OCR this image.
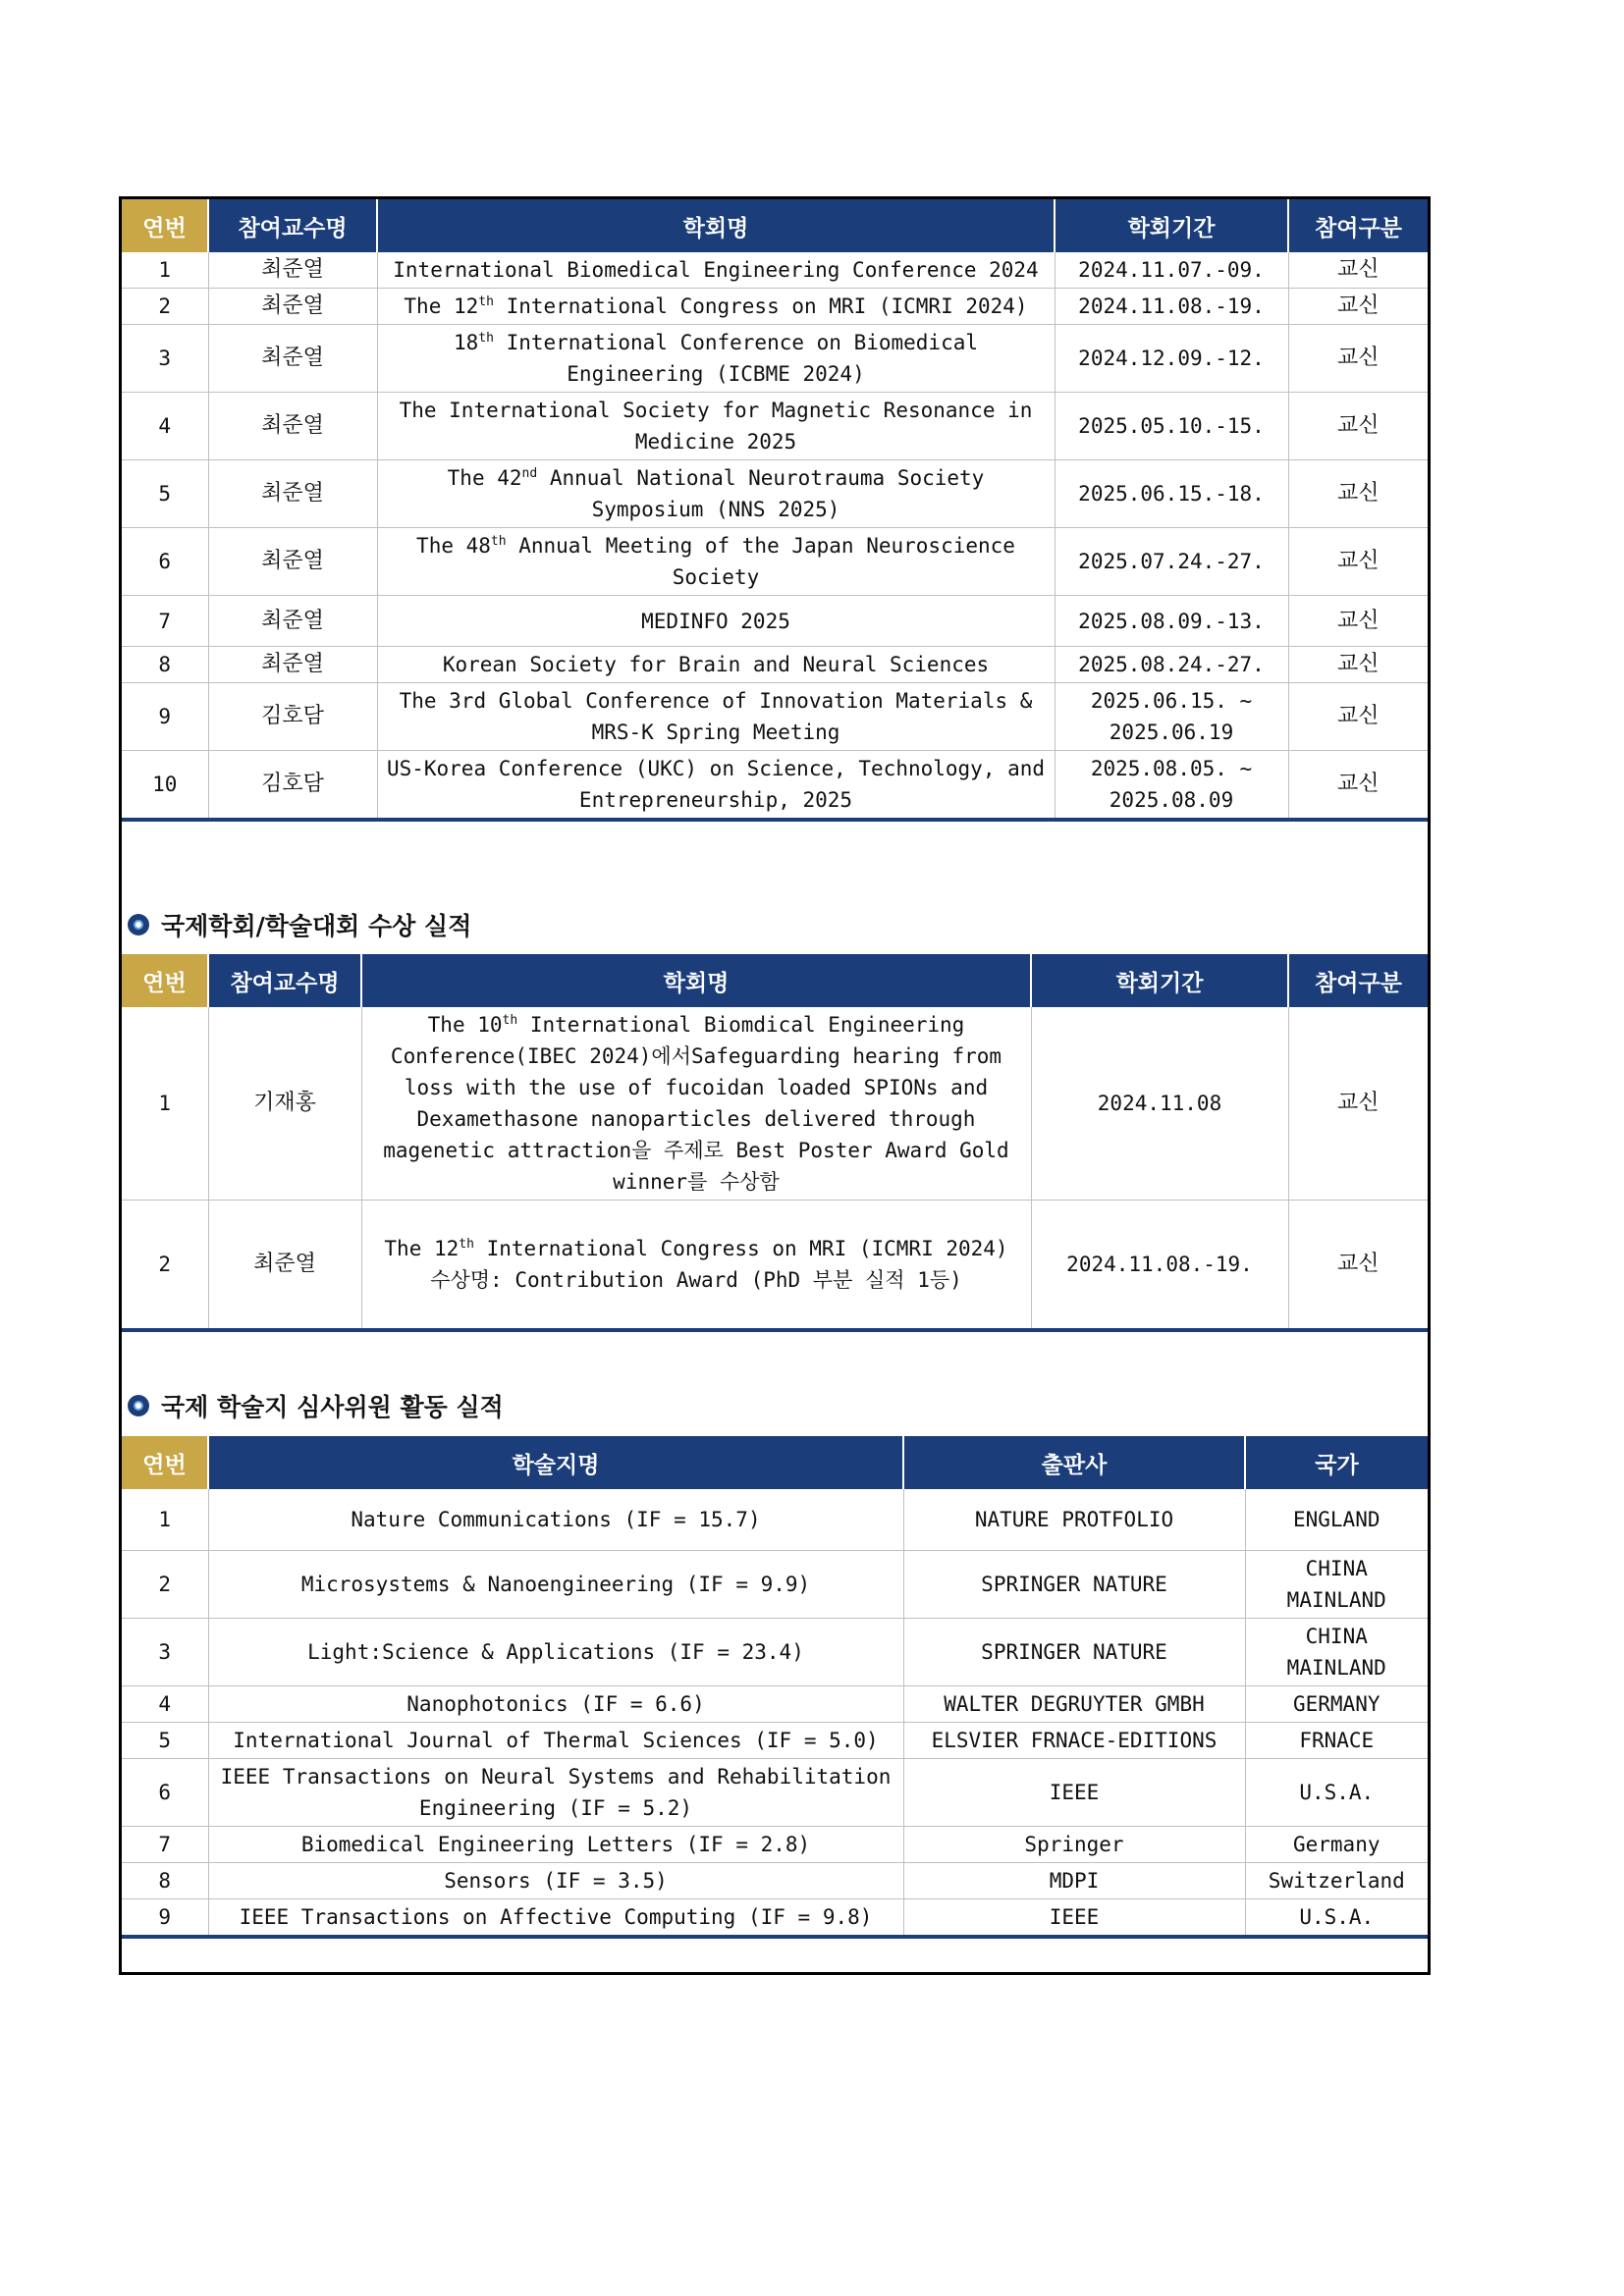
연번	참여교수명	학회명	학회기간	참여구분
1	최준열	International Biomedical Engineering Conference 2024	2024.11.07.-09.	교신
2	최준열	The 12th International Congress on MRI (ICMRI 2024)	2024.11.08.-19.	교신
3	최준열	18th International Conference on Biomedical Engineering (ICBME 2024)	2024.12.09.-12.	교신
4	최준열	The International Society for Magnetic Resonance in Medicine 2025	2025.05.10.-15.	교신
5	최준열	The 42nd Annual National Neurotrauma Society Symposium (NNS 2025)	2025.06.15.-18.	교신
6	최준열	The 48th Annual Meeting of the Japan Neuroscience Society	2025.07.24.-27.	교신
7	최준열	MEDINFO 2025	2025.08.09.-13.	교신
8	최준열	Korean Society for Brain and Neural Sciences	2025.08.24.-27.	교신
9	김호담	The 3rd Global Conference of Innovation Materials & MRS-K Spring Meeting	2025.06.15. ~ 2025.06.19	교신
10	김호담	US-Korea Conference (UKC) on Science, Technology, and Entrepreneurship, 2025	2025.08.05. ~ 2025.08.09	교신
국제학회/학술대회 수상 실적
연번	참여교수명	학회명	학회기간	참여구분
1	기재홍	The 10th International Biomdical Engineering Conference(IBEC 2024)에서Safeguarding hearing from loss with the use of fucoidan loaded SPIONs and Dexamethasone nanoparticles delivered through magenetic attraction을 주제로 Best Poster Award Gold winner를 수상함	2024.11.08	교신
2	최준열	The 12th International Congress on MRI (ICMRI 2024) 수상명: Contribution Award (PhD 부분 실적 1등)	2024.11.08.-19.	교신
국제 학술지 심사위원 활동 실적
연번	학술지명	출판사	국가
1	Nature Communications (IF = 15.7)	NATURE PROTFOLIO	ENGLAND
2	Microsystems & Nanoengineering (IF = 9.9)	SPRINGER NATURE	CHINA MAINLAND
3	Light:Science & Applications (IF = 23.4)	SPRINGER NATURE	CHINA MAINLAND
4	Nanophotonics (IF = 6.6)	WALTER DEGRUYTER GMBH	GERMANY
5	International Journal of Thermal Sciences (IF = 5.0)	ELSVIER FRNACE-EDITIONS	FRNACE
6	IEEE Transactions on Neural Systems and Rehabilitation Engineering (IF = 5.2)	IEEE	U.S.A.
7	Biomedical Engineering Letters (IF = 2.8)	Springer	Germany
8	Sensors (IF = 3.5)	MDPI	Switzerland
9	IEEE Transactions on Affective Computing (IF = 9.8)	IEEE	U.S.A.
